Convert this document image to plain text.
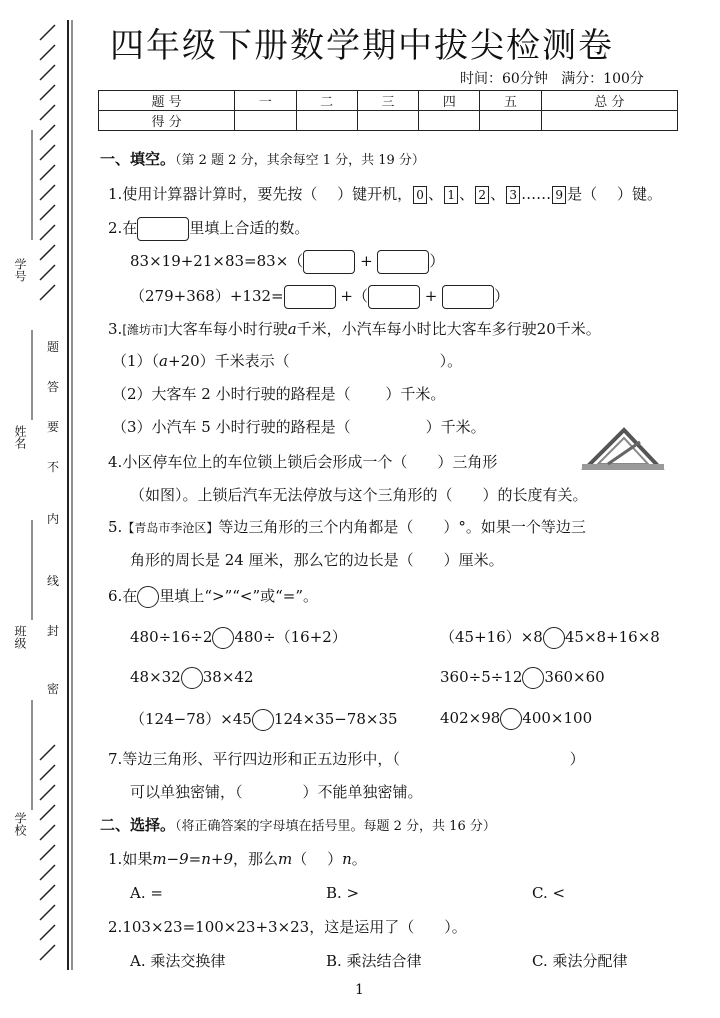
学号
姓名
班级
学校
题
答
要
不
内
线
封
密
四年级下册数学期中拔尖检测卷
时间：60分钟 满分：100分
题 号	一	二	三	四	五	总 分
得 分						
一、填空。（第 2 题 2 分，其余每空 1 分，共 19 分）
1.使用计算器计算时，要先按（  ）键开机， 0 、 1 、 2 、 3 …… 9 是（  ）键。
2.在	里填上合适的数。
83×19+21×83=83×（	+	）
（279+368）+132=	+（	+	）
3.[潍坊市]大客车每小时行驶a千米，小汽车每小时比大客车多行驶20千米。
（1）（a+20）千米表示（          	）。
（2）大客车 2 小时行驶的路程是（   ）千米。
（3）小汽车 5 小时行驶的路程是（     	）千米。
4.小区停车位上的车位锁上锁后会形成一个（   ）三角形
（如图）。上锁后汽车无法停放与这个三角形的（   ）的长度有关。
5.【青岛市李沧区】等边三角形的三个内角都是（   ）°。如果一个等边三
角形的周长是 24 厘米，那么它的边长是（   ）厘米。
6.在 里填上“>”“<”或“=”。
480÷16÷2 480÷（16+2）	（45+16）×8 45×8+16×8
48×32 38×42	360÷5÷12 360×60
（124−78）×45 124×35−78×35	402×98 400×100
7.等边三角形、平行四边形和正五边形中，（           	）
可以单独密铺，（    	）不能单独密铺。
二、选择。（将正确答案的字母填在括号里。每题 2 分，共 16 分）
1.如果m−9=n+9，那么m（  ）n。
A. =	B. >	C. <
2.103×23=100×23+3×23，这是运用了（   ）。
A. 乘法交换律	B. 乘法结合律	C. 乘法分配律
1
